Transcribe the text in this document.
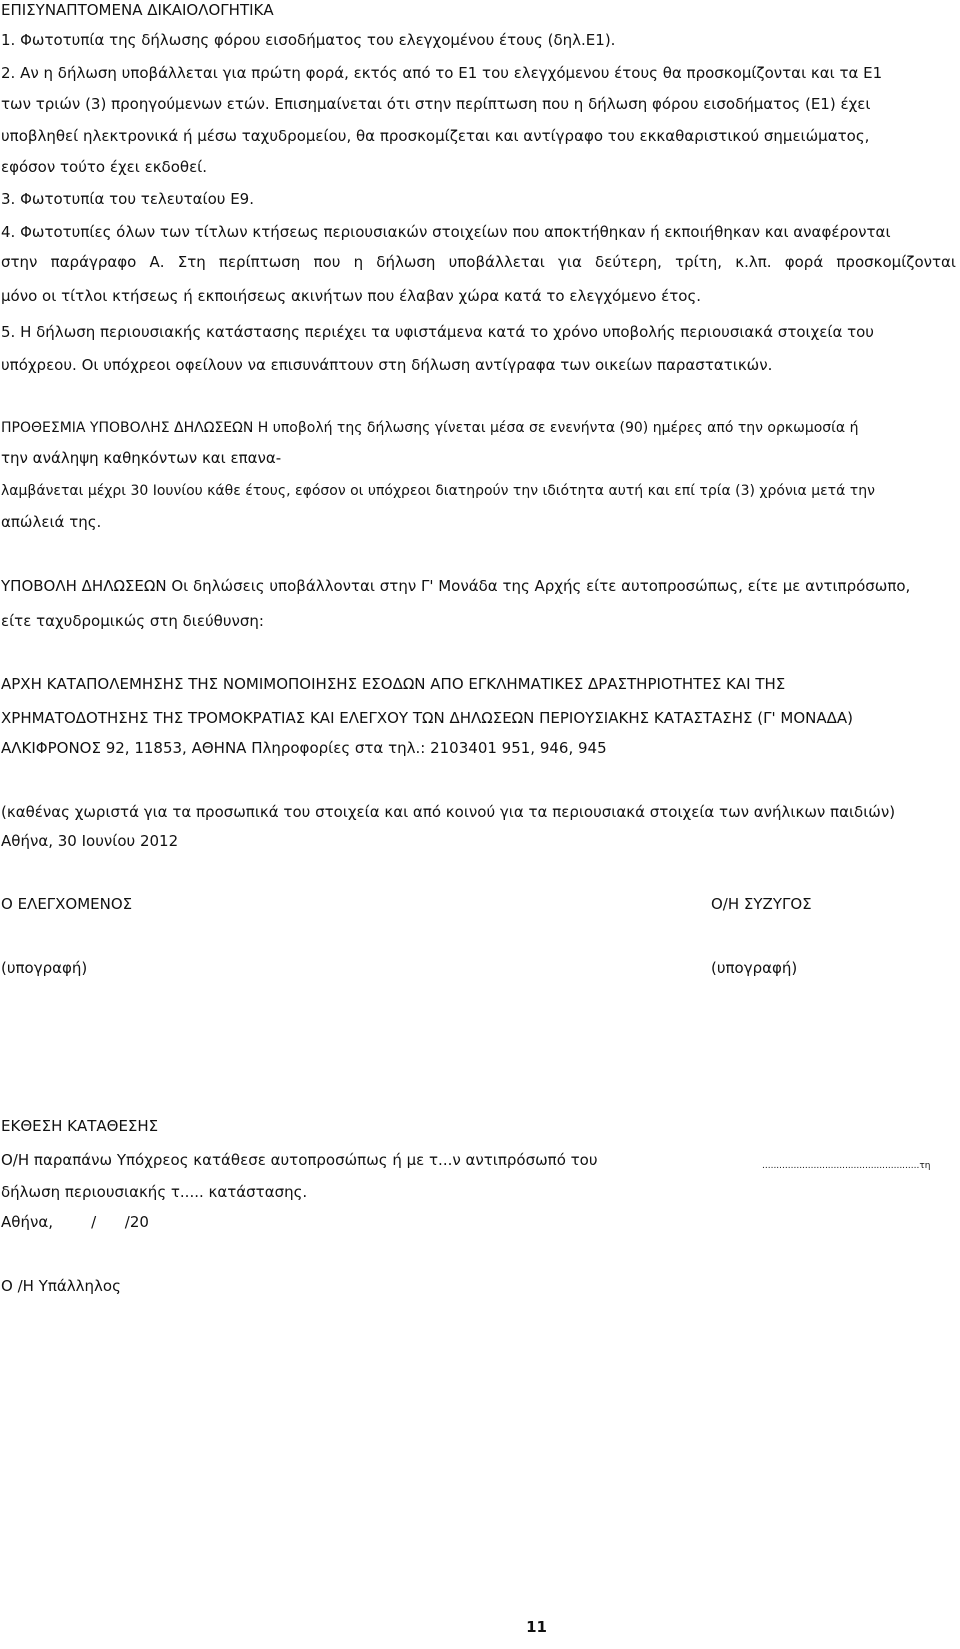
ΕΠΙΣΥΝΑΠΤΟΜΕΝΑ ΔΙΚΑΙΟΛΟΓΗΤΙΚΑ
1. Φωτοτυπία της δήλωσης φόρου εισοδήματος του ελεγχομένου έτους (δηλ.Ε1).
2. Αν η δήλωση υποβάλλεται για πρώτη φορά, εκτός από το Ε1 του ελεγχόμενου έτους θα προσκομίζονται και τα Ε1
των τριών (3) προηγούμενων ετών. Επισημαίνεται ότι στην περίπτωση που η δήλωση φόρου εισοδήματος (Ε1) έχει
υποβληθεί ηλεκτρονικά ή μέσω ταχυδρομείου, θα προσκομίζεται και αντίγραφο του εκκαθαριστικού σημειώματος,
εφόσον τούτο έχει εκδοθεί.
3. Φωτοτυπία του τελευταίου Ε9.
4. Φωτοτυπίες όλων των τίτλων κτήσεως περιουσιακών στοιχείων που αποκτήθηκαν ή εκποιήθηκαν και αναφέρονται
στην παράγραφο Α. Στη περίπτωση που η δήλωση υποβάλλεται για δεύτερη, τρίτη, κ.λπ. φορά προσκομίζονται
μόνο οι τίτλοι κτήσεως ή εκποιήσεως ακινήτων που έλαβαν χώρα κατά το ελεγχόμενο έτος.
5. Η δήλωση περιουσιακής κατάστασης περιέχει τα υφιστάμενα κατά το χρόνο υποβολής περιουσιακά στοιχεία του
υπόχρεου. Οι υπόχρεοι οφείλουν να επισυνάπτουν στη δήλωση αντίγραφα των οικείων παραστατικών.
ΠΡΟΘΕΣΜΙΑ ΥΠΟΒΟΛΗΣ ΔΗΛΩΣΕΩΝ Η υποβολή της δήλωσης γίνεται μέσα σε ενενήντα (90) ημέρες από την ορκωμοσία ή
την ανάληψη καθηκόντων και επανα-
λαμβάνεται μέχρι 30 Ιουνίου κάθε έτους, εφόσον οι υπόχρεοι διατηρούν την ιδιότητα αυτή και επί τρία (3) χρόνια μετά την
απώλειά της.
ΥΠΟΒΟΛΗ ΔΗΛΩΣΕΩΝ Οι δηλώσεις υποβάλλονται στην Γ' Μονάδα της Αρχής είτε αυτοπροσώπως, είτε με αντιπρόσωπο,
είτε ταχυδρομικώς στη διεύθυνση:
ΑΡΧΗ ΚΑΤΑΠΟΛΕΜΗΣΗΣ ΤΗΣ ΝΟΜΙΜΟΠΟΙΗΣΗΣ ΕΣΟΔΩΝ ΑΠΟ ΕΓΚΛΗΜΑΤΙΚΕΣ ΔΡΑΣΤΗΡΙΟΤΗΤΕΣ ΚΑΙ ΤΗΣ
ΧΡΗΜΑΤΟΔΟΤΗΣΗΣ ΤΗΣ ΤΡΟΜΟΚΡΑΤΙΑΣ ΚΑΙ ΕΛΕΓΧΟΥ ΤΩΝ ΔΗΛΩΣΕΩΝ ΠΕΡΙΟΥΣΙΑΚΗΣ ΚΑΤΑΣΤΑΣΗΣ (Γ' ΜΟΝΑΔΑ)
ΑΛΚΙΦΡΟΝΟΣ 92, 11853, ΑΘΗΝΑ Πληροφορίες στα τηλ.: 2103401 951, 946, 945
(καθένας χωριστά για τα προσωπικά του στοιχεία και από κοινού για τα περιουσιακά στοιχεία των ανήλικων παιδιών)
Αθήνα, 30 Ιουνίου 2012
Ο ΕΛΕΓΧΟΜΕΝΟΣ	Ο/Η ΣΥΖΥΓΟΣ
(υπογραφή)	(υπογραφή)
ΕΚΘΕΣΗ ΚΑΤΑΘΕΣΗΣ
Ο/Η παραπάνω Υπόχρεος κατάθεσε αυτοπροσώπως ή με τ...ν αντιπρόσωπό του	.......................................................τη
δήλωση περιουσιακής τ..... κατάστασης.
Αθήνα,        /      /20
Ο /Η Υπάλληλος
11
